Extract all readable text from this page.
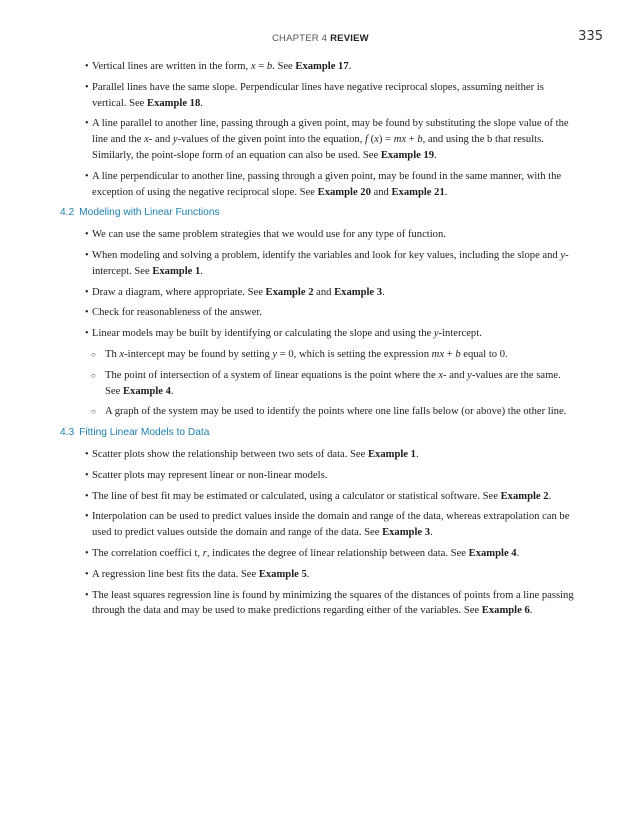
CHAPTER 4 REVIEW	335
• Vertical lines are written in the form, x = b. See Example 17.
• Parallel lines have the same slope. Perpendicular lines have negative reciprocal slopes, assuming neither is vertical. See Example 18.
• A line parallel to another line, passing through a given point, may be found by substituting the slope value of the line and the x- and y-values of the given point into the equation, f (x) = mx + b, and using the b that results. Similarly, the point-slope form of an equation can also be used. See Example 19.
• A line perpendicular to another line, passing through a given point, may be found in the same manner, with the exception of using the negative reciprocal slope. See Example 20 and Example 21.
4.2 Modeling with Linear Functions
• We can use the same problem strategies that we would use for any type of function.
• When modeling and solving a problem, identify the variables and look for key values, including the slope and y-intercept. See Example 1.
• Draw a diagram, where appropriate. See Example 2 and Example 3.
• Check for reasonableness of the answer.
• Linear models may be built by identifying or calculating the slope and using the y-intercept.
○ Th x-intercept may be found by setting y = 0, which is setting the expression mx + b equal to 0.
○ The point of intersection of a system of linear equations is the point where the x- and y-values are the same. See Example 4.
○ A graph of the system may be used to identify the points where one line falls below (or above) the other line.
4.3 Fitting Linear Models to Data
• Scatter plots show the relationship between two sets of data. See Example 1.
• Scatter plots may represent linear or non-linear models.
• The line of best fit may be estimated or calculated, using a calculator or statistical software. See Example 2.
• Interpolation can be used to predict values inside the domain and range of the data, whereas extrapolation can be used to predict values outside the domain and range of the data. See Example 3.
• The correlation coeffici t, r, indicates the degree of linear relationship between data. See Example 4.
• A regression line best fits the data. See Example 5.
• The least squares regression line is found by minimizing the squares of the distances of points from a line passing through the data and may be used to make predictions regarding either of the variables. See Example 6.
